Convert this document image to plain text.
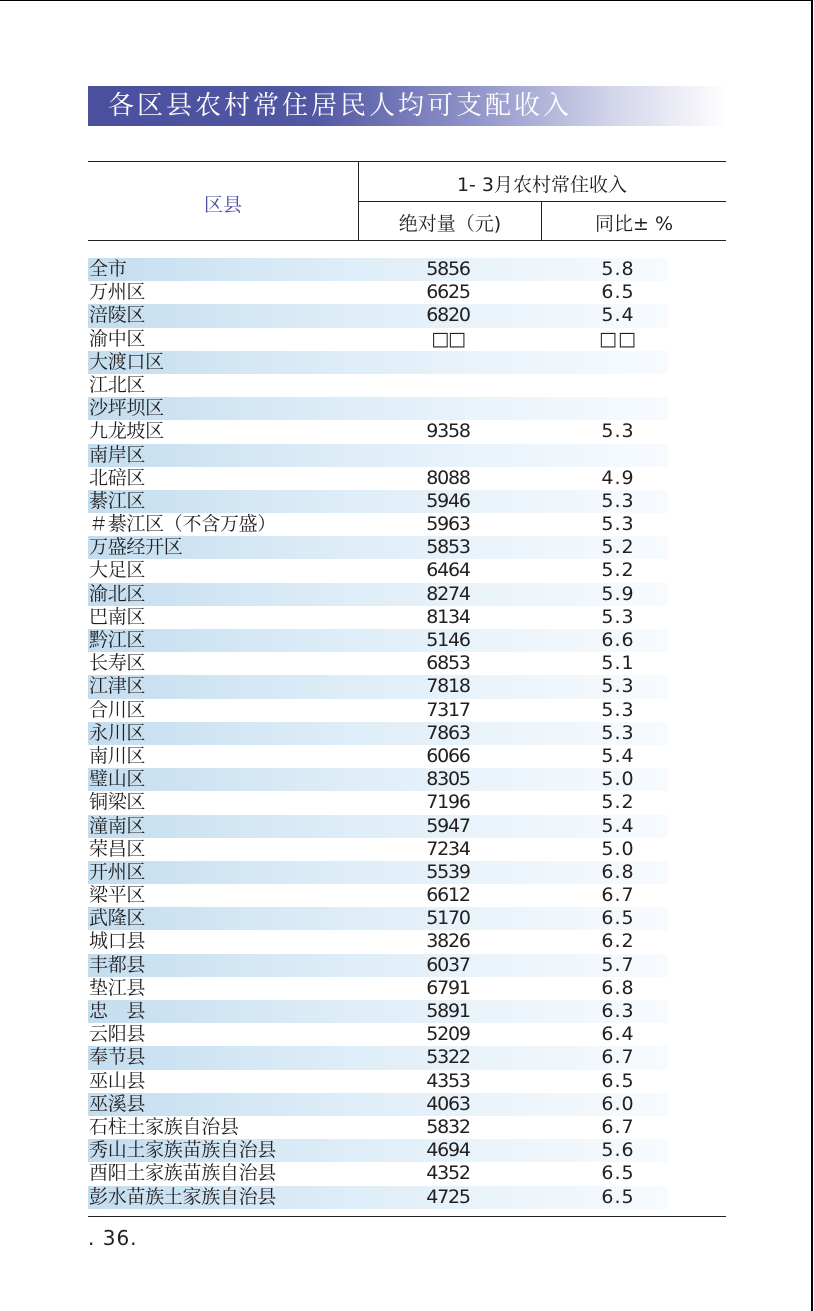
各区县农村常住居民人均可支配收入
区县
1- 3月农村常住收入
绝对量（元)	同比± %
全市	5856	5.8
万州区	6625	6.5
涪陵区	6820	5.4
渝中区	□□	□□
大渡口区
江北区
沙坪坝区
九龙坡区	9358	5.3
南岸区
北碚区	8088	4.9
綦江区	5946	5.3
＃綦江区（不含万盛）	5963	5.3
万盛经开区	5853	5.2
大足区	6464	5.2
渝北区	8274	5.9
巴南区	8134	5.3
黔江区	5146	6.6
长寿区	6853	5.1
江津区	7818	5.3
合川区	7317	5.3
永川区	7863	5.3
南川区	6066	5.4
璧山区	8305	5.0
铜梁区	7196	5.2
潼南区	5947	5.4
荣昌区	7234	5.0
开州区	5539	6.8
梁平区	6612	6.7
武隆区	5170	6.5
城口县	3826	6.2
丰都县	6037	5.7
垫江县	6791	6.8
忠　县	5891	6.3
云阳县	5209	6.4
奉节县	5322	6.7
巫山县	4353	6.5
巫溪县	4063	6.0
石柱土家族自治县	5832	6.7
秀山土家族苗族自治县	4694	5.6
酉阳土家族苗族自治县	4352	6.5
彭水苗族土家族自治县	4725	6.5
. 36.
